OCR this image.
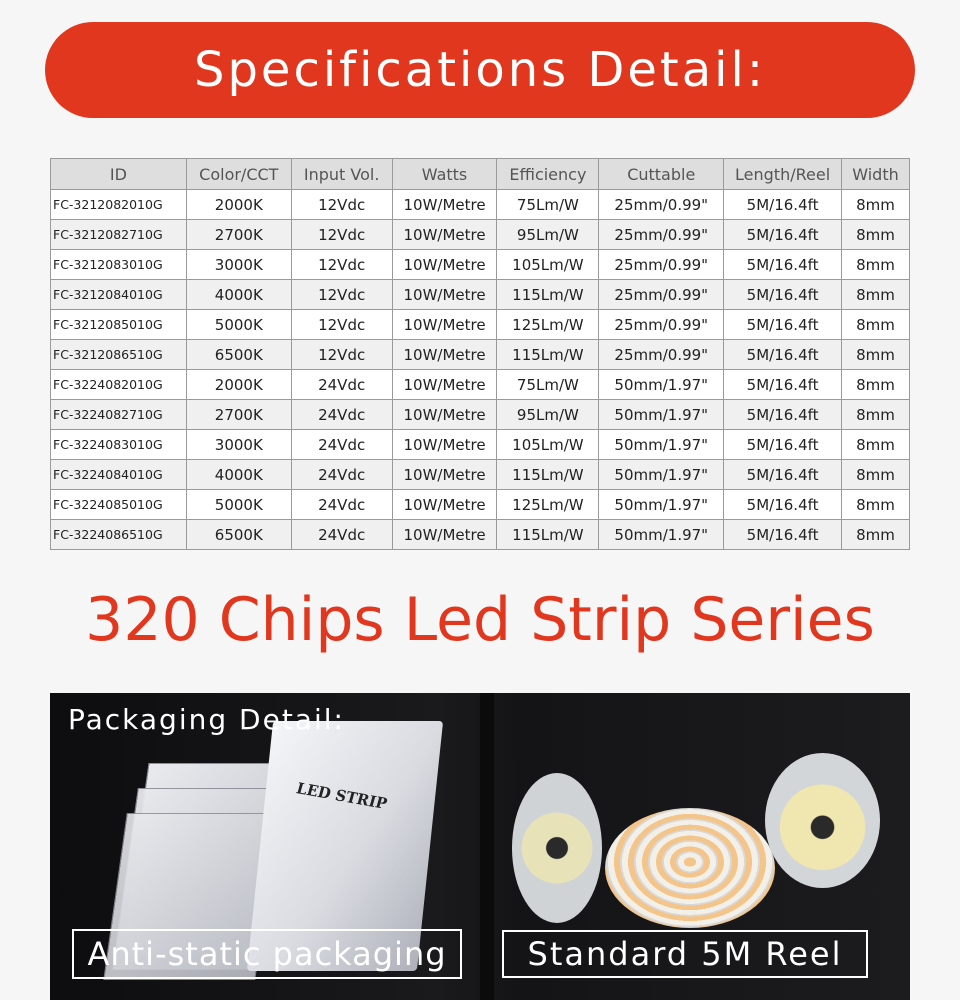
Specifications Detail:
ID	Color/CCT	Input Vol.	Watts	Efficiency	Cuttable	Length/Reel	Width
FC-3212082010G	2000K	12Vdc	10W/Metre	75Lm/W	25mm/0.99"	5M/16.4ft	8mm
FC-3212082710G	2700K	12Vdc	10W/Metre	95Lm/W	25mm/0.99"	5M/16.4ft	8mm
FC-3212083010G	3000K	12Vdc	10W/Metre	105Lm/W	25mm/0.99"	5M/16.4ft	8mm
FC-3212084010G	4000K	12Vdc	10W/Metre	115Lm/W	25mm/0.99"	5M/16.4ft	8mm
FC-3212085010G	5000K	12Vdc	10W/Metre	125Lm/W	25mm/0.99"	5M/16.4ft	8mm
FC-3212086510G	6500K	12Vdc	10W/Metre	115Lm/W	25mm/0.99"	5M/16.4ft	8mm
FC-3224082010G	2000K	24Vdc	10W/Metre	75Lm/W	50mm/1.97"	5M/16.4ft	8mm
FC-3224082710G	2700K	24Vdc	10W/Metre	95Lm/W	50mm/1.97"	5M/16.4ft	8mm
FC-3224083010G	3000K	24Vdc	10W/Metre	105Lm/W	50mm/1.97"	5M/16.4ft	8mm
FC-3224084010G	4000K	24Vdc	10W/Metre	115Lm/W	50mm/1.97"	5M/16.4ft	8mm
FC-3224085010G	5000K	24Vdc	10W/Metre	125Lm/W	50mm/1.97"	5M/16.4ft	8mm
FC-3224086510G	6500K	24Vdc	10W/Metre	115Lm/W	50mm/1.97"	5M/16.4ft	8mm
320 Chips Led Strip Series
LED STRIP
Packaging Detail:
Anti-static packaging	Standard 5M Reel
